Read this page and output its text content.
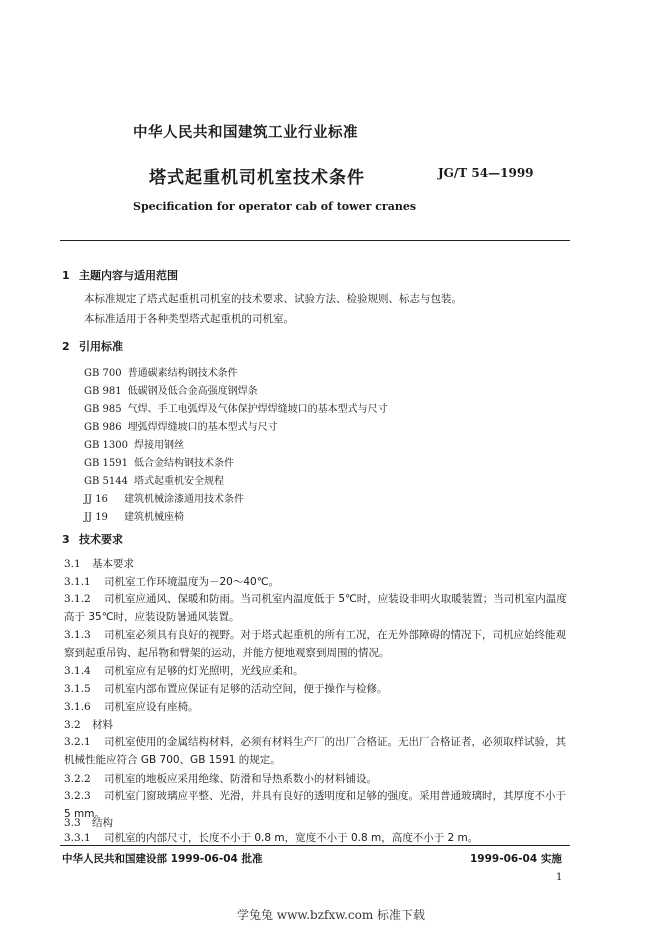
中华人民共和国建筑工业行业标准
塔式起重机司机室技术条件	JG/T 54—1999
Specification for operator cab of tower cranes
1 主题内容与适用范围
本标准规定了塔式起重机司机室的技术要求、试验方法、检验规则、标志与包装。
本标准适用于各种类型塔式起重机的司机室。
2 引用标准
GB 700 普通碳素结构钢技术条件
GB 981 低碳钢及低合金高强度钢焊条
GB 985 气焊、手工电弧焊及气体保护焊焊缝坡口的基本型式与尺寸
GB 986 埋弧焊焊缝坡口的基本型式与尺寸
GB 1300 焊接用钢丝
GB 1591 低合金结构钢技术条件
GB 5144 塔式起重机安全规程
JJ 16 建筑机械涂漆通用技术条件
JJ 19 建筑机械座椅
3 技术要求
3.1 基本要求
3.1.1 司机室工作环境温度为－20～40℃。
3.1.2 司机室应通风、保暖和防雨。当司机室内温度低于 5℃时，应装设非明火取暖装置；当司机室内温度高于 35℃时，应装设防暑通风装置。
3.1.3 司机室必须具有良好的视野。对于塔式起重机的所有工况，在无外部障碍的情况下，司机应始终能观察到起重吊钩、起吊物和臂架的运动，并能方便地观察到周围的情况。
3.1.4 司机室应有足够的灯光照明，光线应柔和。
3.1.5 司机室内部布置应保证有足够的活动空间，便于操作与检修。
3.1.6 司机室应设有座椅。
3.2 材料
3.2.1 司机室使用的金属结构材料，必须有材料生产厂的出厂合格证。无出厂合格证者，必须取样试验，其机械性能应符合 GB 700、GB 1591 的规定。
3.2.2 司机室的地板应采用绝缘、防滑和导热系数小的材料铺设。
3.2.3 司机室门窗玻璃应平整、光滑，并具有良好的透明度和足够的强度。采用普通玻璃时，其厚度不小于 5 mm。
3.3 结构
3.3.1 司机室的内部尺寸，长度不小于 0.8 m，宽度不小于 0.8 m，高度不小于 2 m。
中华人民共和国建设部 1999-06-04 批准	1999-06-04 实施
1
学兔兔 www.bzfxw.com 标准下载
